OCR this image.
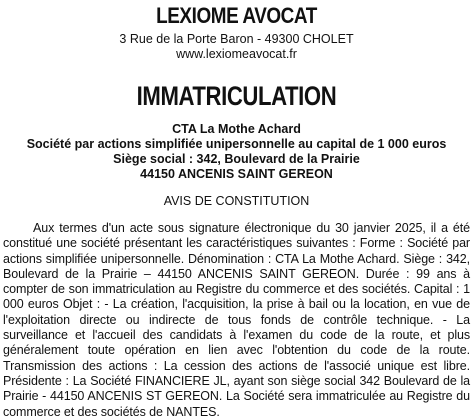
LEXIOME AVOCAT
3 Rue de la Porte Baron - 49300 CHOLET
www.lexiomeavocat.fr
IMMATRICULATION
CTA La Mothe Achard
Société par actions simplifiée unipersonnelle au capital de 1 000 euros
Siège social : 342, Boulevard de la Prairie
44150 ANCENIS SAINT GEREON
AVIS DE CONSTITUTION
Aux termes d'un acte sous signature électronique du 30 janvier 2025, il a été constitué une société présentant les caractéristiques suivantes : Forme : Société par actions simplifiée unipersonnelle. Dénomination : CTA La Mothe Achard. Siège : 342, Boulevard de la Prairie – 44150 ANCENIS SAINT GEREON. Durée : 99 ans à compter de son immatriculation au Registre du commerce et des sociétés. Capital : 1 000 euros Objet : - La création, l'acquisition, la prise à bail ou la location, en vue de l'exploitation directe ou indirecte de tous fonds de contrôle technique. - La surveillance et l'accueil des candidats à l'examen du code de la route, et plus généralement toute opération en lien avec l'obtention du code de la route. Transmission des actions : La cession des actions de l'associé unique est libre. Présidente : La Société FINANCIERE JL, ayant son siège social 342 Boulevard de la Prairie - 44150 ANCENIS ST GEREON. La Société sera immatriculée au Registre du commerce et des sociétés de NANTES.
